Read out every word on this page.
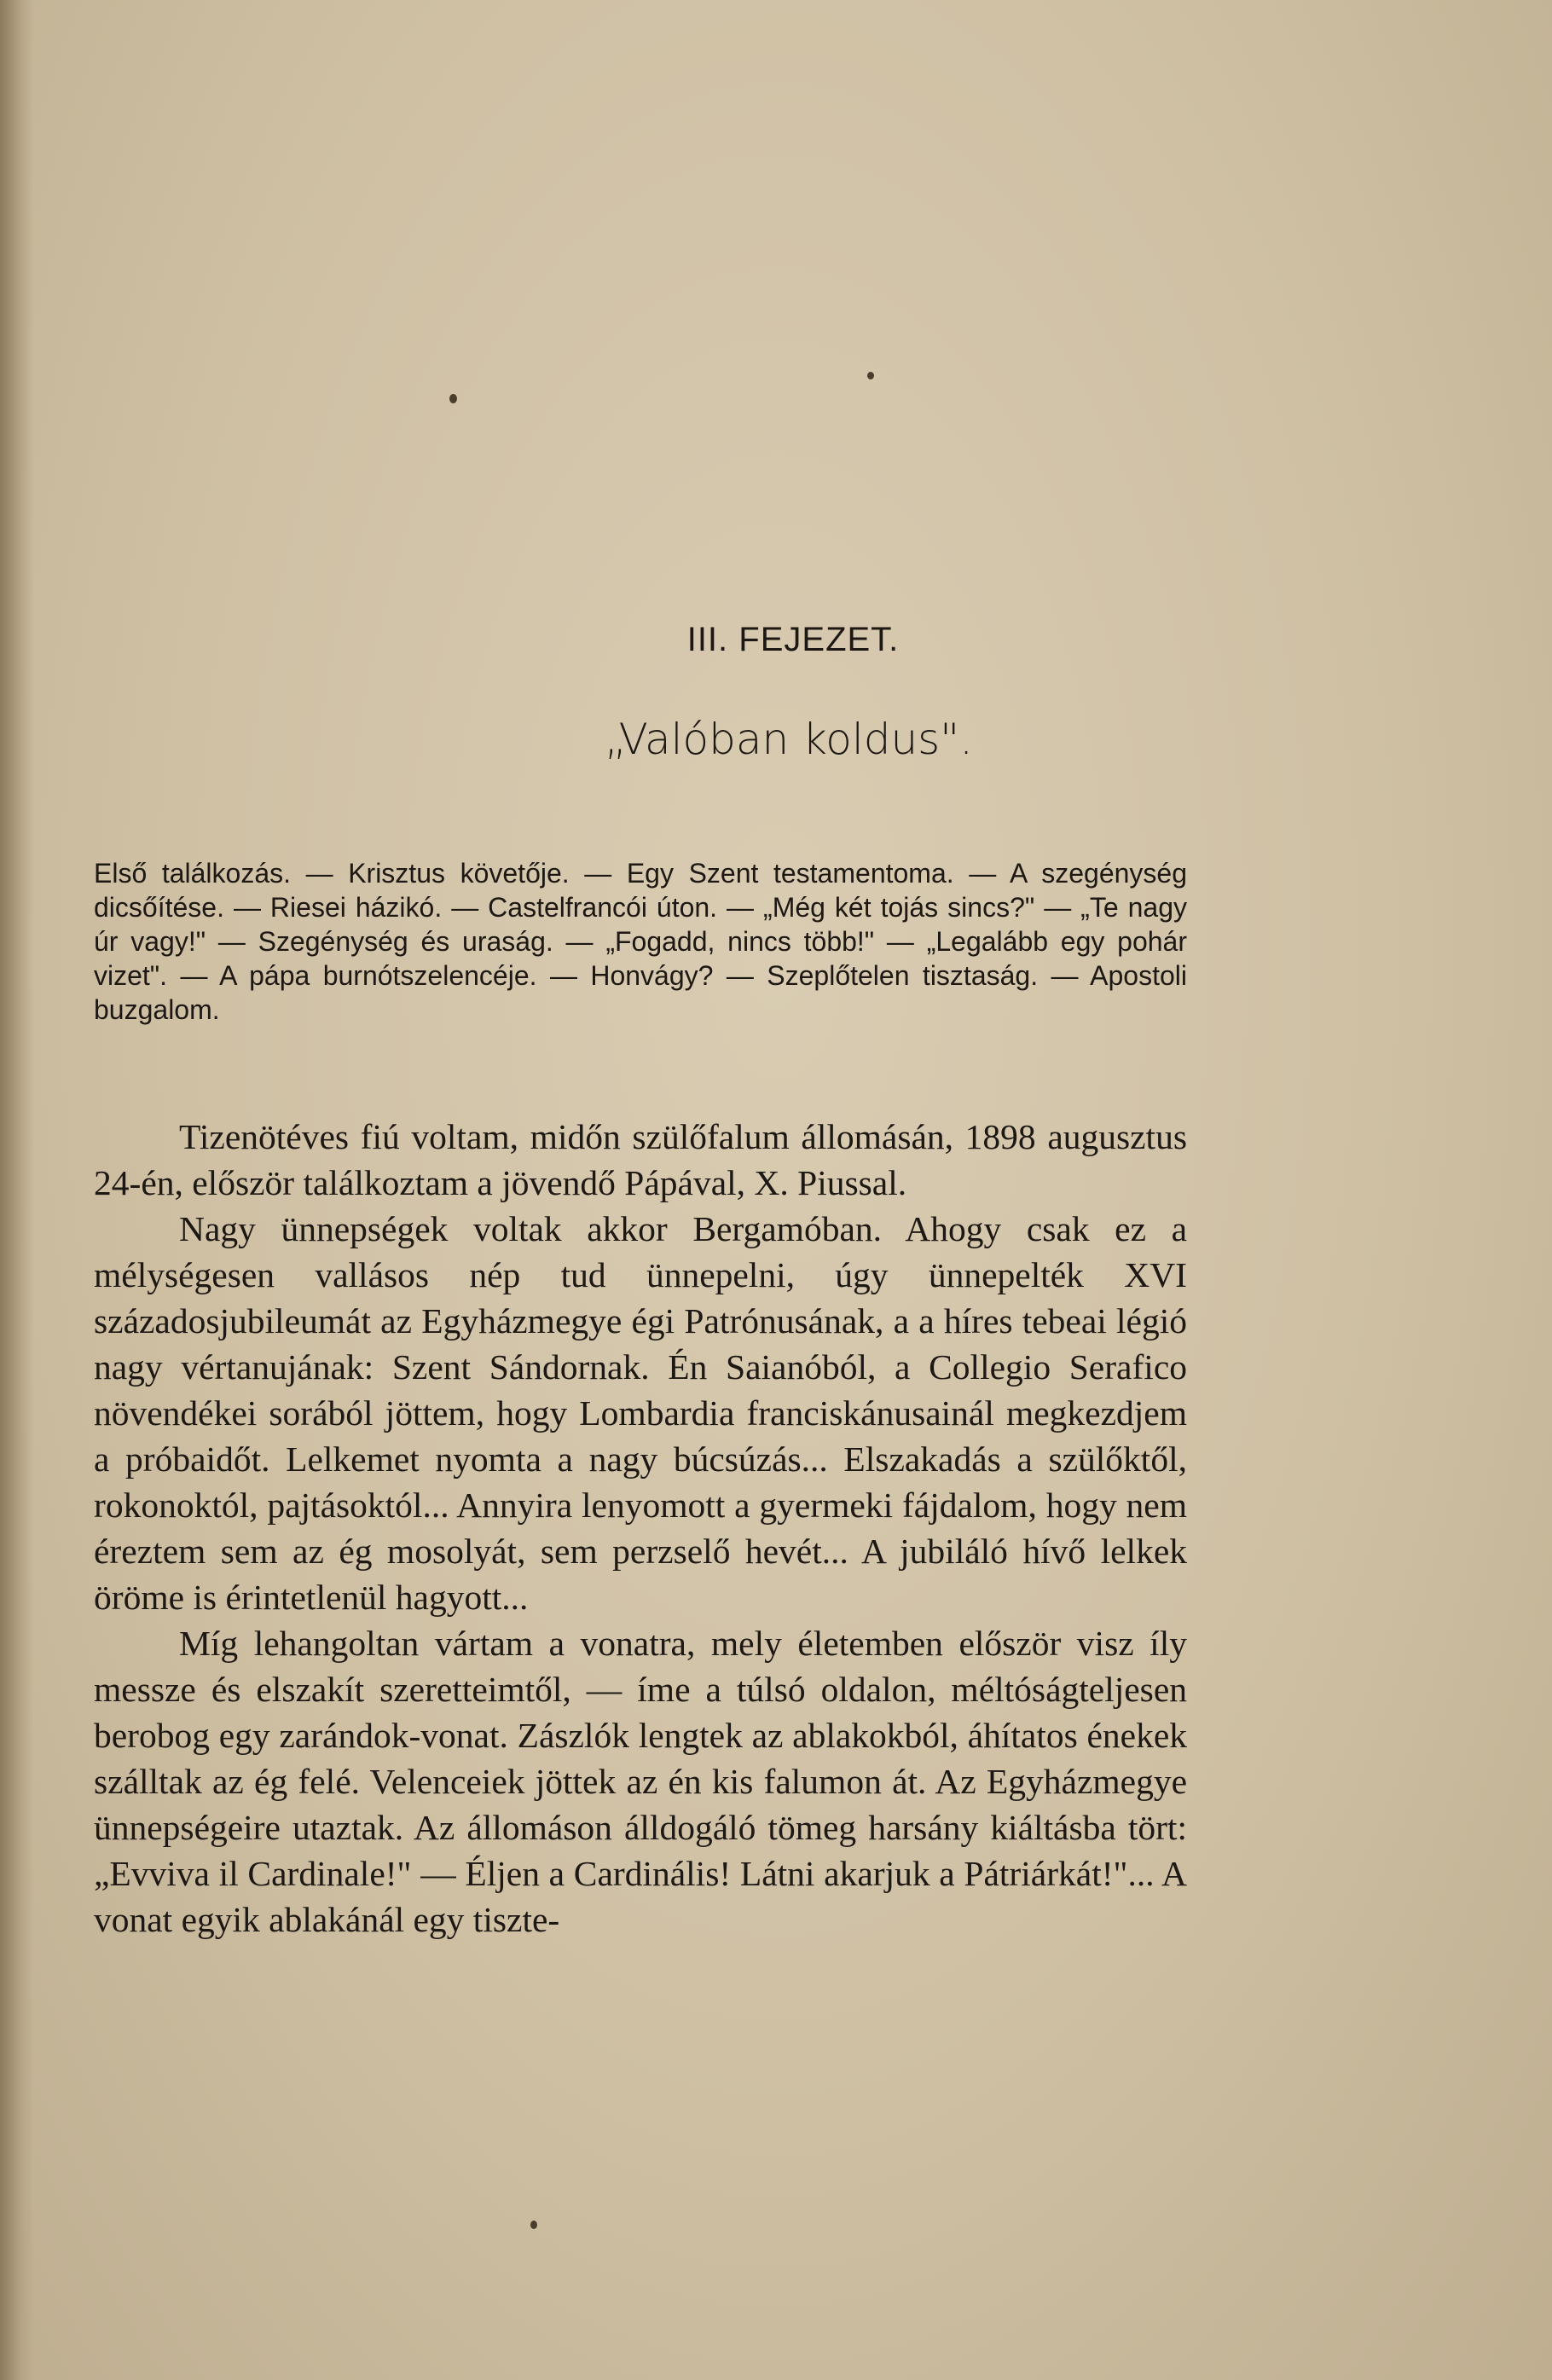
III. FEJEZET.
„Valóban koldus".
Első találkozás. — Krisztus követője. — Egy Szent testamentoma. — A szegénység dicsőítése. — Riesei házikó. — Castelfrancói úton. — „Még két tojás sincs?" — „Te nagy úr vagy!" — Szegénység és uraság. — „Fogadd, nincs több!" — „Legalább egy pohár vizet". — A pápa burnótszelencéje. — Honvágy? — Szeplőtelen tisztaság. — Apostoli buzgalom.

Tizenötéves fiú voltam, midőn szülőfalum állomásán, 1898 augusztus 24-én, először találkoztam a jövendő Pápával, X. Piussal.

Nagy ünnepségek voltak akkor Bergamóban. Ahogy csak ez a mélységesen vallásos nép tud ünnepelni, úgy ünnepelték XVI századosjubileumát az Egyházmegye égi Patrónusának, a a híres tebeai légió nagy vértanujának: Szent Sándornak. Én Saianóból, a Collegio Serafico növendékei sorából jöttem, hogy Lombardia franciskánusainál megkezdjem a próbaidőt. Lelkemet nyomta a nagy búcsúzás... Elszakadás a szülőktől, rokonoktól, pajtásoktól... Annyira lenyomott a gyermeki fájdalom, hogy nem éreztem sem az ég mosolyát, sem perzselő hevét... A jubiláló hívő lelkek öröme is érintetlenül hagyott...

Míg lehangoltan vártam a vonatra, mely életemben először visz íly messze és elszakít szeretteimtől, — íme a túlsó oldalon, méltóságteljesen berobog egy zarándok-vonat. Zászlók lengtek az ablakokból, áhítatos énekek szálltak az ég felé. Velenceiek jöttek az én kis falumon át. Az Egyházmegye ünnepségeire utaztak. Az állomáson álldogáló tömeg harsány kiáltásba tört: „Evviva il Cardinale!" — Éljen a Cardinális! Látni akarjuk a Pátriárkát!"... A vonat egyik ablakánál egy tiszte-
